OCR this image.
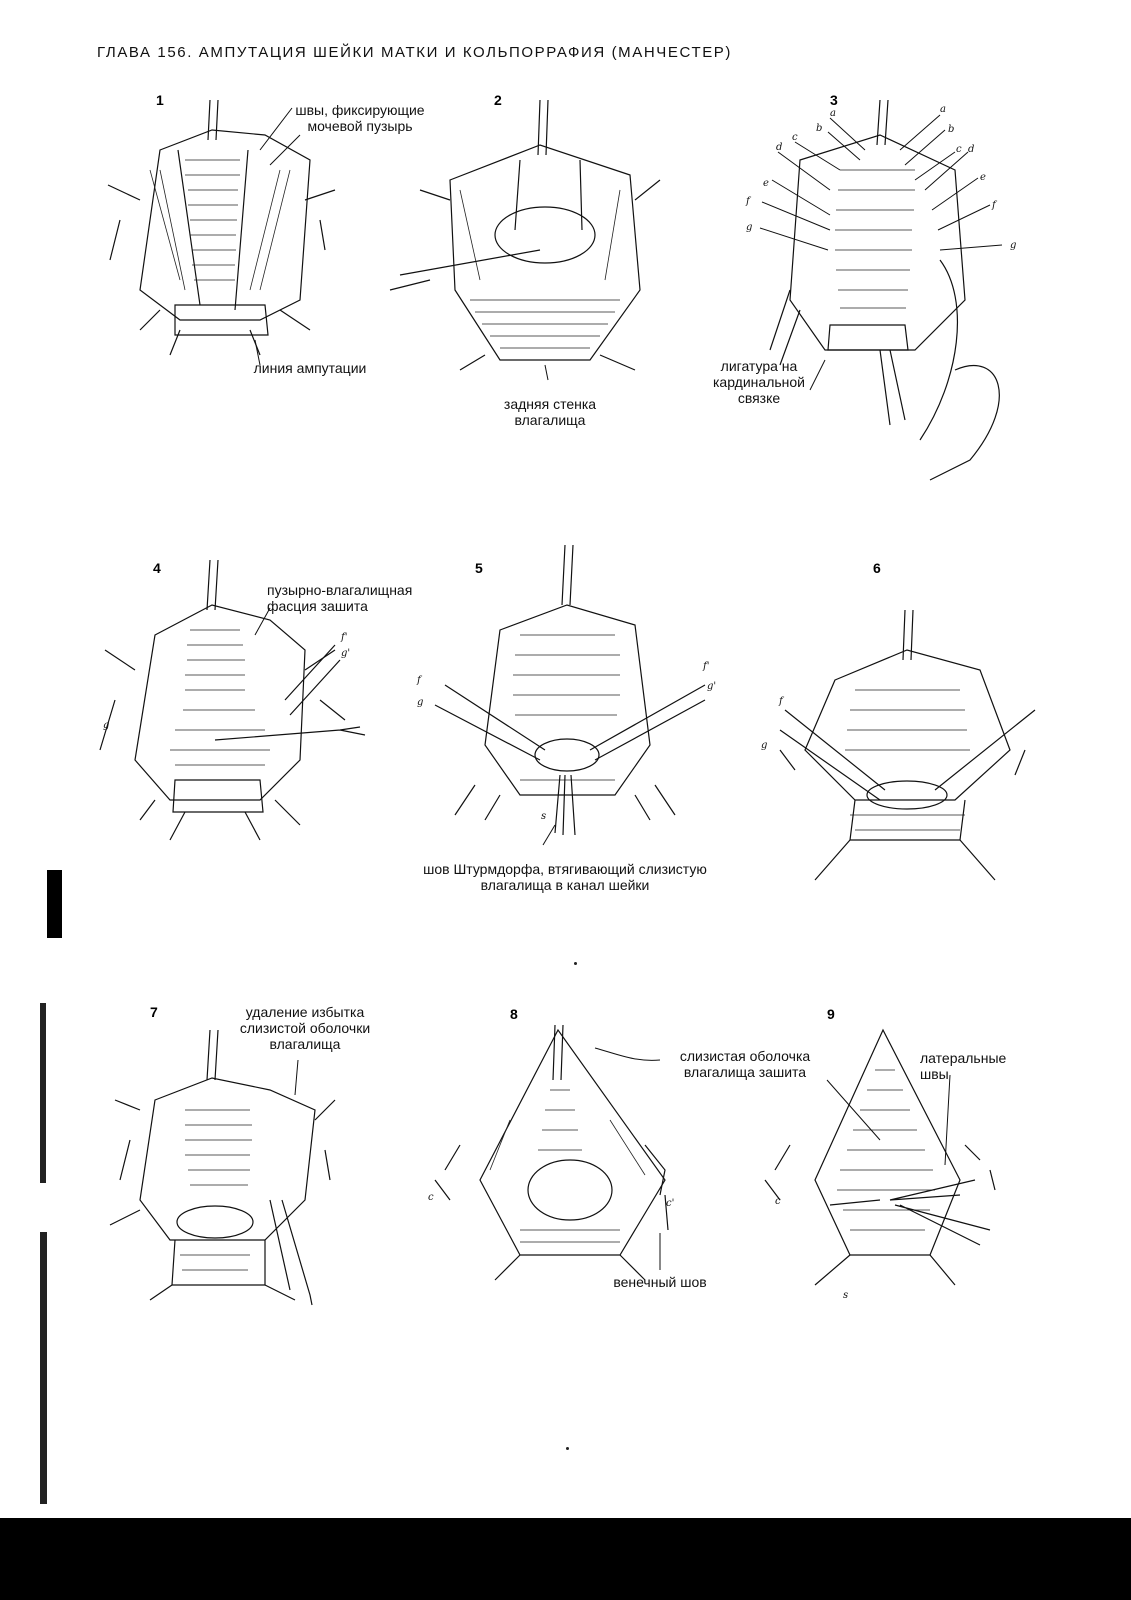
ГЛАВА 156. АМПУТАЦИЯ ШЕЙКИ МАТКИ И КОЛЬПОРРАФИЯ (МАНЧЕСТЕР)
1
швы, фиксирующие мочевой пузырь
линия ампутации
2
задняя стенка влагалища
3
a
b
c
d
e
f
g
a
b
c d
e
f
g
лигатура на кардинальной связке
4
f'
g'
g
пузырно-влагалищная фасция зашита
5
f
g
f'
g'
s
шов Штурмдорфа, втягивающий слизистую влагалища в канал шейки
6
f
g
7	удаление избытка слизистой оболочки влагалища
8
c
c'
слизистая оболочка влагалища зашита
венечный шов
9
c
s
латеральные швы
